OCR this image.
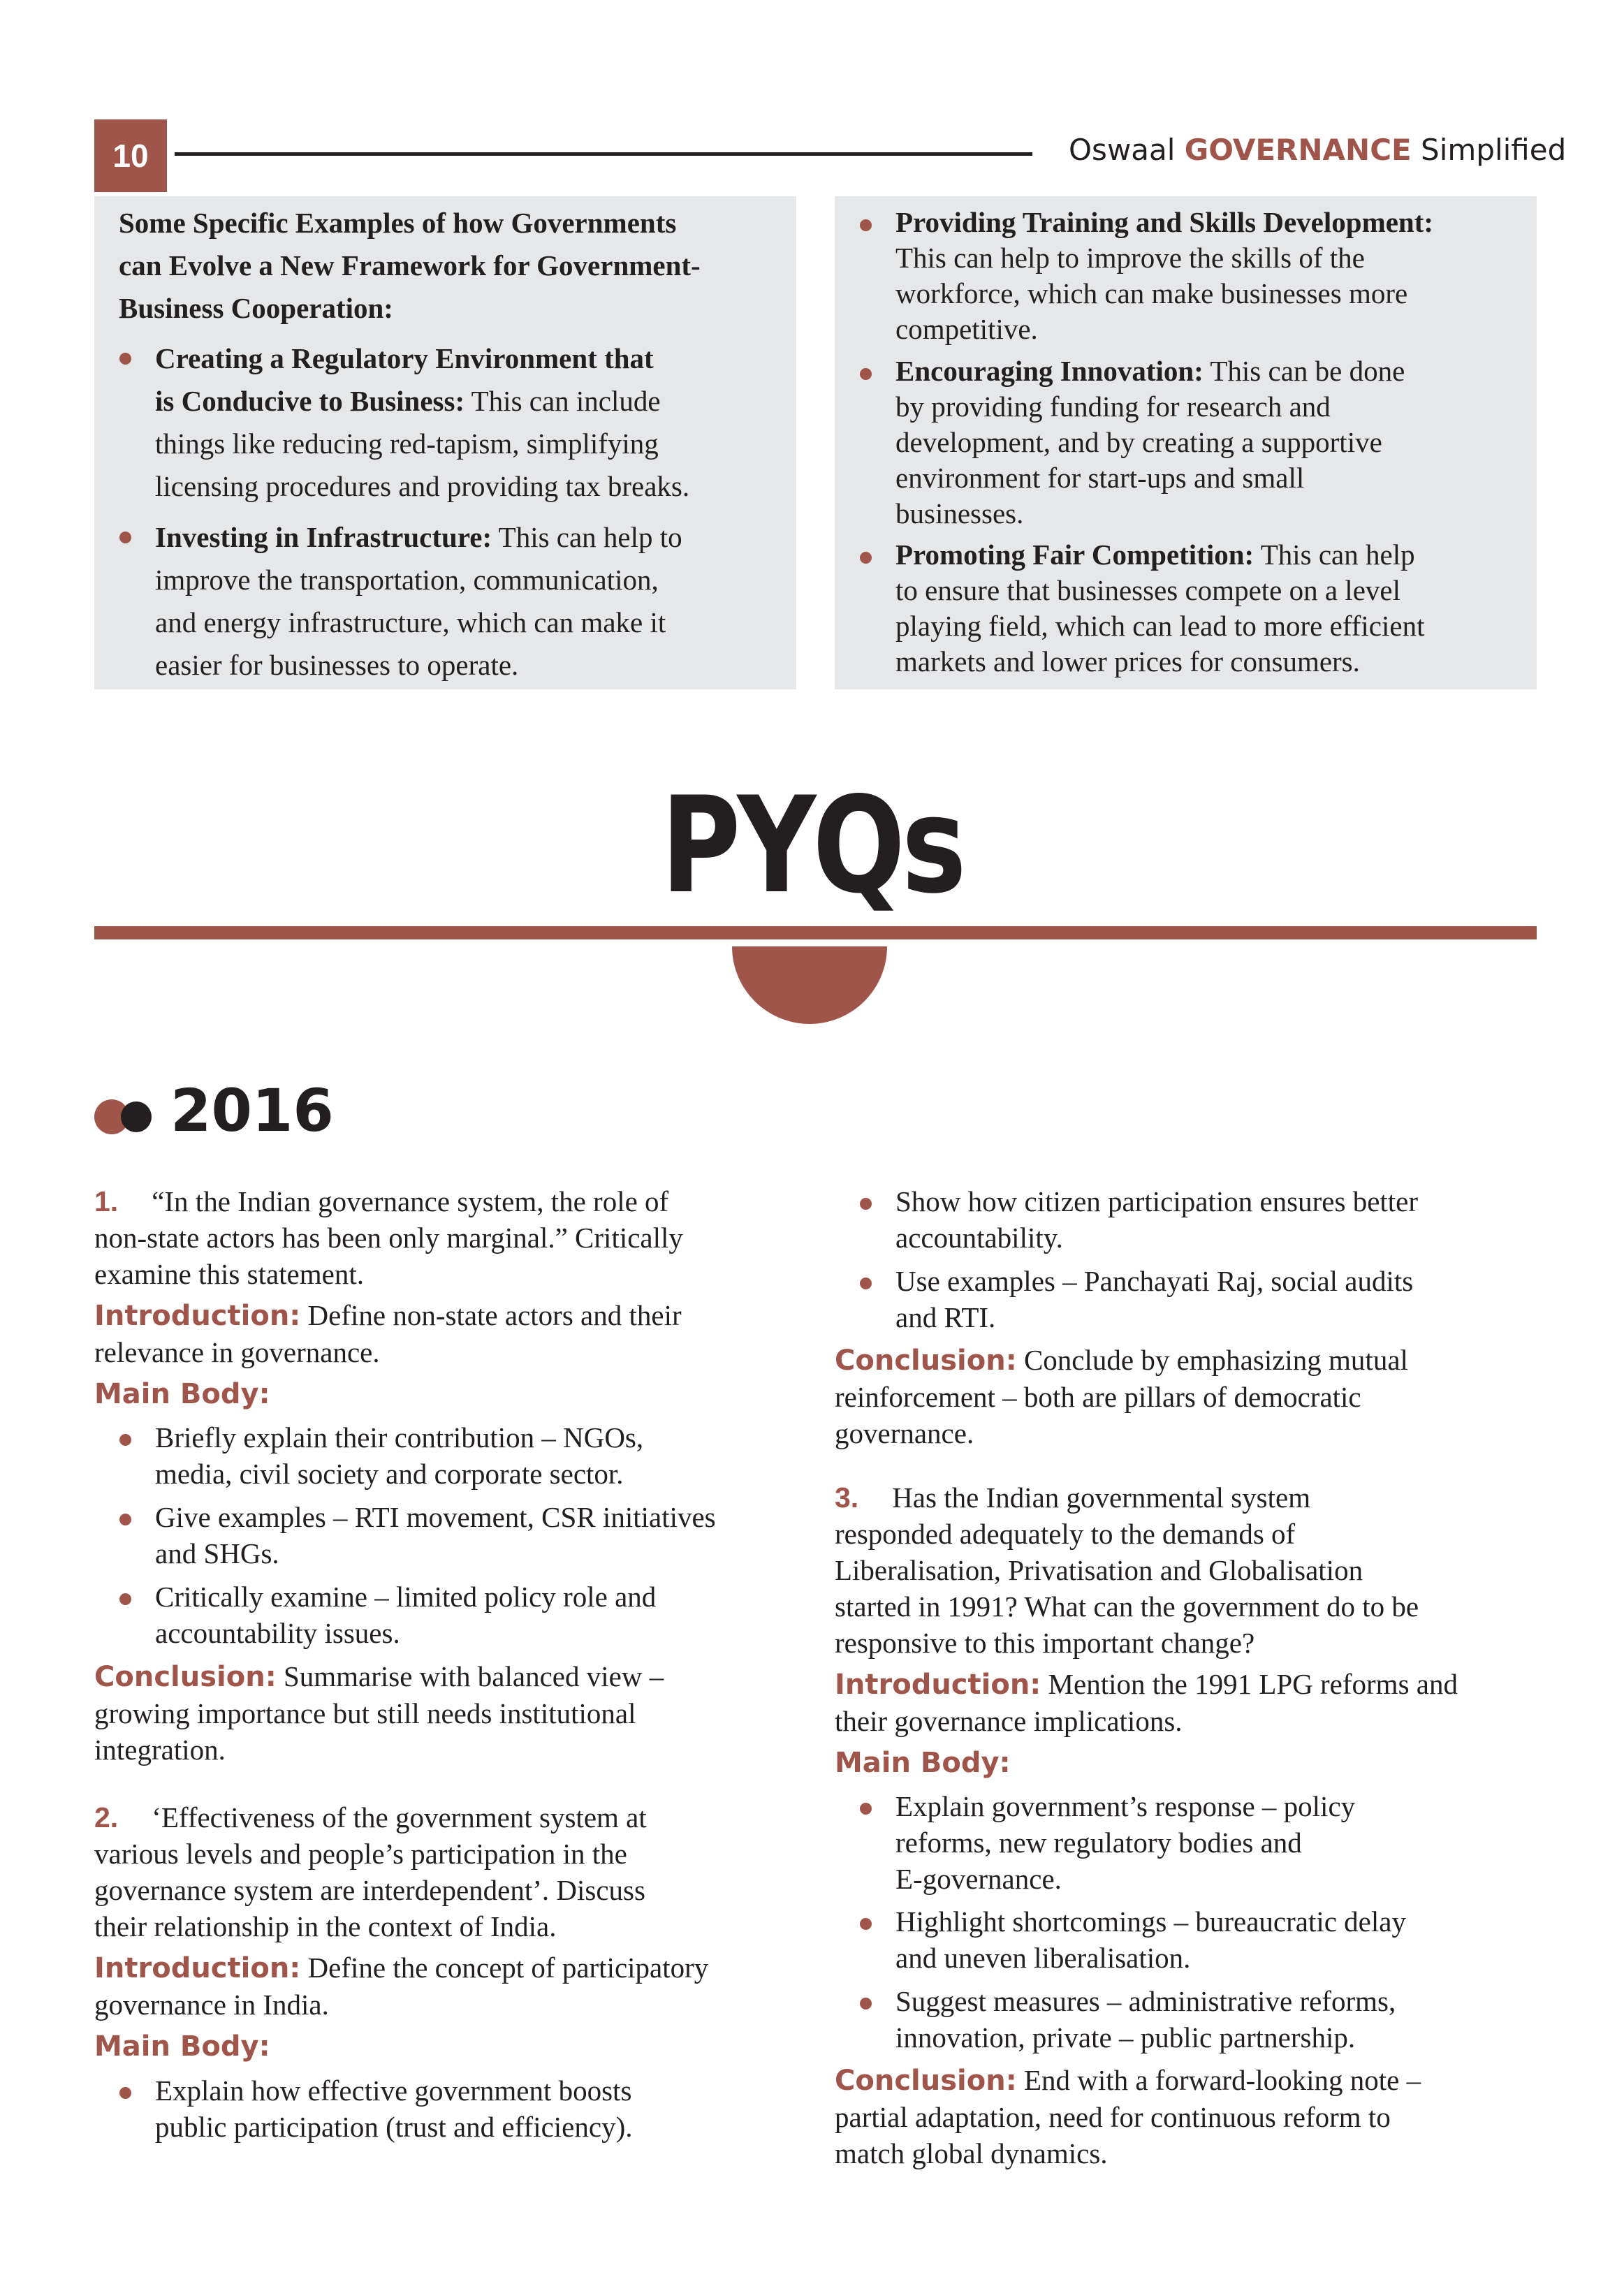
10	Oswaal GOVERNANCE Simplified
Some Specific Examples of how Governments
can Evolve a New Framework for Government-
Business Cooperation:
Creating a Regulatory Environment that
is Conducive to Business: This can include
things like reducing red-tapism, simplifying
licensing procedures and providing tax breaks.
Investing in Infrastructure: This can help to
improve the transportation, communication,
and energy infrastructure, which can make it
easier for businesses to operate.
Providing Training and Skills Development:
This can help to improve the skills of the
workforce, which can make businesses more
competitive.
Encouraging Innovation: This can be done
by providing funding for research and
development, and by creating a supportive
environment for start-ups and small
businesses.
Promoting Fair Competition: This can help
to ensure that businesses compete on a level
playing field, which can lead to more efficient
markets and lower prices for consumers.
PYQs
2016
1. “In the Indian governance system, the role of
non-state actors has been only marginal.” Critically
examine this statement.
Introduction: Define non-state actors and their
relevance in governance.
Main Body:
Briefly explain their contribution – NGOs,
media, civil society and corporate sector.
Give examples – RTI movement, CSR initiatives
and SHGs.
Critically examine – limited policy role and
accountability issues.
Conclusion: Summarise with balanced view –
growing importance but still needs institutional
integration.
2. ‘Effectiveness of the government system at
various levels and people’s participation in the
governance system are interdependent’. Discuss
their relationship in the context of India.
Introduction: Define the concept of participatory
governance in India.
Main Body:
Explain how effective government boosts
public participation (trust and efficiency).
Show how citizen participation ensures better
accountability.
Use examples – Panchayati Raj, social audits
and RTI.
Conclusion: Conclude by emphasizing mutual
reinforcement – both are pillars of democratic
governance.
3. Has the Indian governmental system
responded adequately to the demands of
Liberalisation, Privatisation and Globalisation
started in 1991? What can the government do to be
responsive to this important change?
Introduction: Mention the 1991 LPG reforms and
their governance implications.
Main Body:
Explain government’s response – policy
reforms, new regulatory bodies and
E-governance.
Highlight shortcomings – bureaucratic delay
and uneven liberalisation.
Suggest measures – administrative reforms,
innovation, private – public partnership.
Conclusion: End with a forward-looking note –
partial adaptation, need for continuous reform to
match global dynamics.
